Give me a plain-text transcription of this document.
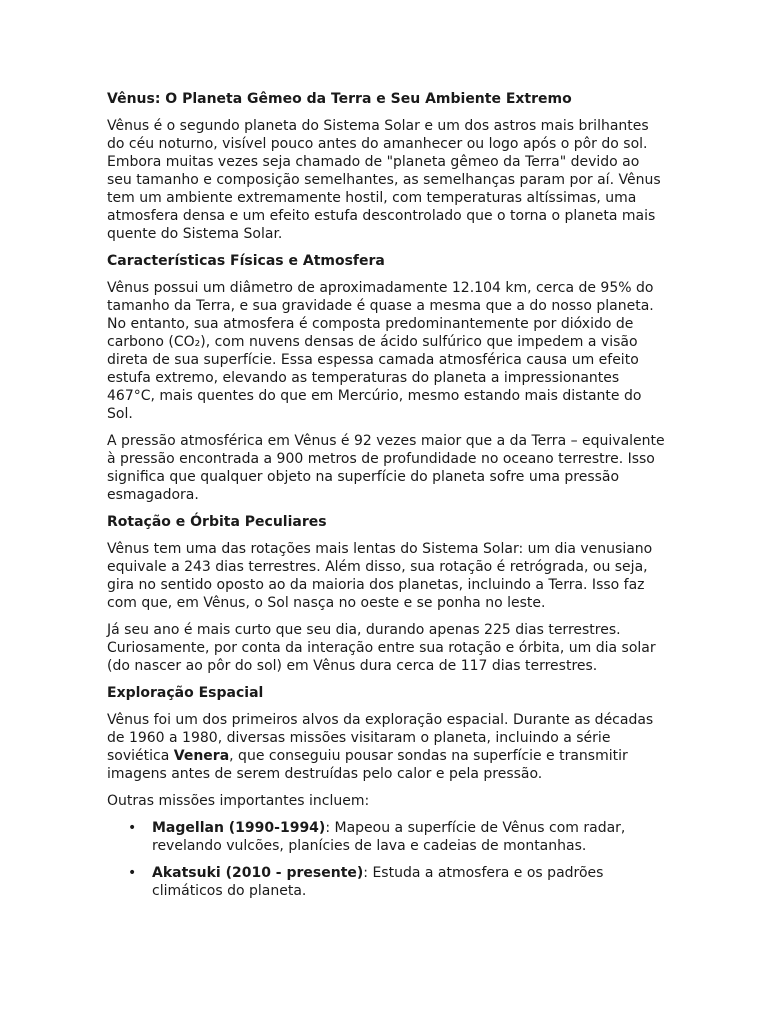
Vênus: O Planeta Gêmeo da Terra e Seu Ambiente Extremo

Vênus é o segundo planeta do Sistema Solar e um dos astros mais brilhantes do céu noturno, visível pouco antes do amanhecer ou logo após o pôr do sol. Embora muitas vezes seja chamado de "planeta gêmeo da Terra" devido ao seu tamanho e composição semelhantes, as semelhanças param por aí. Vênus tem um ambiente extremamente hostil, com temperaturas altíssimas, uma atmosfera densa e um efeito estufa descontrolado que o torna o planeta mais quente do Sistema Solar.

Características Físicas e Atmosfera

Vênus possui um diâmetro de aproximadamente 12.104 km, cerca de 95% do tamanho da Terra, e sua gravidade é quase a mesma que a do nosso planeta. No entanto, sua atmosfera é composta predominantemente por dióxido de carbono (CO₂), com nuvens densas de ácido sulfúrico que impedem a visão direta de sua superfície. Essa espessa camada atmosférica causa um efeito estufa extremo, elevando as temperaturas do planeta a impressionantes 467°C, mais quentes do que em Mercúrio, mesmo estando mais distante do Sol.

A pressão atmosférica em Vênus é 92 vezes maior que a da Terra – equivalente à pressão encontrada a 900 metros de profundidade no oceano terrestre. Isso significa que qualquer objeto na superfície do planeta sofre uma pressão esmagadora.

Rotação e Órbita Peculiares

Vênus tem uma das rotações mais lentas do Sistema Solar: um dia venusiano equivale a 243 dias terrestres. Além disso, sua rotação é retrógrada, ou seja, gira no sentido oposto ao da maioria dos planetas, incluindo a Terra. Isso faz com que, em Vênus, o Sol nasça no oeste e se ponha no leste.

Já seu ano é mais curto que seu dia, durando apenas 225 dias terrestres. Curiosamente, por conta da interação entre sua rotação e órbita, um dia solar (do nascer ao pôr do sol) em Vênus dura cerca de 117 dias terrestres.

Exploração Espacial

Vênus foi um dos primeiros alvos da exploração espacial. Durante as décadas de 1960 a 1980, diversas missões visitaram o planeta, incluindo a série soviética Venera, que conseguiu pousar sondas na superfície e transmitir imagens antes de serem destruídas pelo calor e pela pressão.

Outras missões importantes incluem:

• Magellan (1990-1994): Mapeou a superfície de Vênus com radar, revelando vulcões, planícies de lava e cadeias de montanhas.
• Akatsuki (2010 - presente): Estuda a atmosfera e os padrões climáticos do planeta.
